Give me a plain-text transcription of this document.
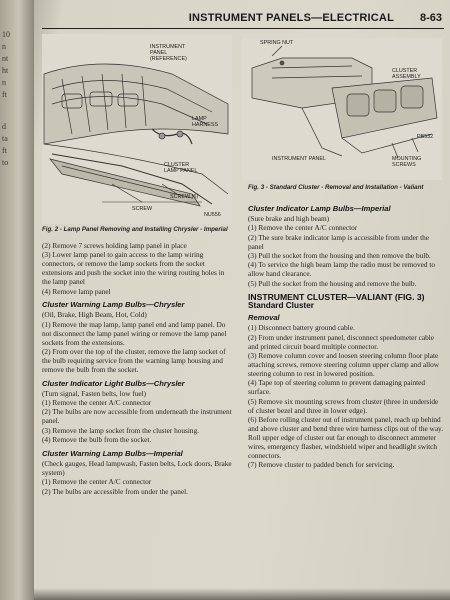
10
n
nt
ht
n
ft
d
ta
ft
to
INSTRUMENT PANELS—ELECTRICAL 8-63
INSTRUMENT
PANEL
(REFERENCE)
LAMP
HARNESS
CLUSTER
LAMP PANEL
SCREW (6)
SCREW
NU556
Fig. 2 - Lamp Panel Removing and Installing Chrysler - Imperial
SPRING NUT
CLUSTER
ASSEMBLY
PB532
INSTRUMENT PANEL	MOUNTING
SCREWS
Fig. 3 - Standard Cluster - Removal and Installation - Valiant

(2) Remove 7 screws holding lamp panel in place

(3) Lower lamp panel to gain access to the lamp wiring connectors, or remove the lamp sockets from the socket extensions and push the socket into the wiring routing holes in the lamp panel

(4) Remove lamp panel

Cluster Warning Lamp Bulbs—Chrysler

(Oil, Brake, High Beam, Hot, Cold)

(1) Remove the map lamp, lamp panel end and lamp panel. Do not disconnect the lamp panel wiring or remove the lamp panel sockets from the extensions.

(2) From over the top of the cluster, remove the lamp socket of the bulb requiring service from the warning lamp housing and remove the bulb from the socket.

Cluster Indicator Light Bulbs—Chrysler

(Turn signal, Fasten belts, low fuel)

(1) Remove the center A/C connector

(2) The bulbs are now accessible from underneath the instrument panel.

(3) Remove the lamp socket from the cluster housing.

(4) Remove the bulb from the socket.

Cluster Warning Lamp Bulbs—Imperial

(Check gauges, Head lampwash, Fasten belts, Lock doors, Brake system)

(1) Remove the center A/C connector

(2) The bulbs are accessible from under the panel.

Cluster Indicator Lamp Bulbs—Imperial

(Sure brake and high beam)

(1) Remove the center A/C connector

(2) The sure brake indicator lamp is accessible from under the panel

(3) Pull the socket from the housing and then remove the bulb.

(4) To service the high beam lamp the radio must be removed to allow hand clearance.

(5) Pull the socket from the housing and remove the bulb.

INSTRUMENT CLUSTER—VALIANT (FIG. 3)
Standard Cluster
Removal

(1) Disconnect battery ground cable.

(2) From under instrument panel, disconnect speedometer cable and printed circuit board multiple connector.

(3) Remove column cover and loosen steering column floor plate attaching screws, remove steering column upper clamp and allow steering column to rest in lowered position.

(4) Tape top of steering column to prevent damaging painted surface.

(5) Remove six mounting screws from cluster (three in underside of cluster bezel and three in lower edge).

(6) Before rolling cluster out of instrument panel, reach up behind and above cluster and bend three wire harness clips out of the way. Roll upper edge of cluster out far enough to disconnect ammeter wires, emergency flasher, windshield wiper and headlight switch connectors.

(7) Remove cluster to padded bench for servicing.
